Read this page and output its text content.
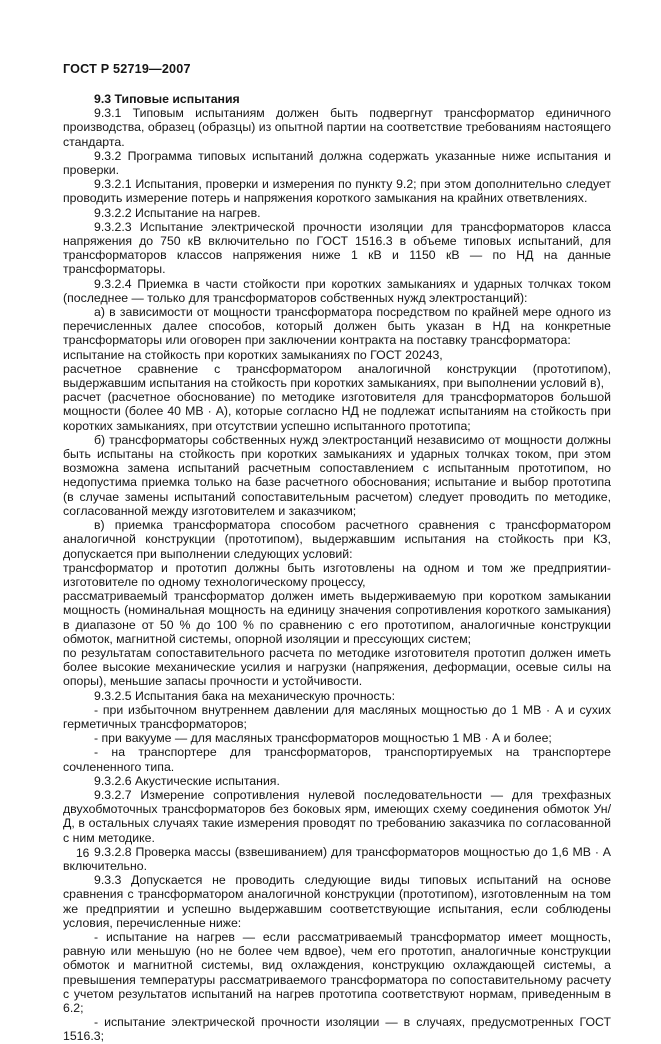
ГОСТ Р 52719—2007

9.3 Типовые испытания

9.3.1 Типовым испытаниям должен быть подвергнут трансформатор единичного производства, образец (образцы) из опытной партии на соответствие требованиям настоящего стандарта.

9.3.2 Программа типовых испытаний должна содержать указанные ниже испытания и проверки.

9.3.2.1 Испытания, проверки и измерения по пункту 9.2; при этом дополнительно следует проводить измерение потерь и напряжения короткого замыкания на крайних ответвлениях.

9.3.2.2 Испытание на нагрев.

9.3.2.3 Испытание электрической прочности изоляции для трансформаторов класса напряжения до 750 кВ включительно по ГОСТ 1516.3 в объеме типовых испытаний, для трансформаторов классов напряжения ниже 1 кВ и 1150 кВ — по НД на данные трансформаторы.

9.3.2.4 Приемка в части стойкости при коротких замыканиях и ударных толчках током (последнее — только для трансформаторов собственных нужд электростанций):

а) в зависимости от мощности трансформатора посредством по крайней мере одного из перечисленных далее способов, который должен быть указан в НД на конкретные трансформаторы или оговорен при заключении контракта на поставку трансформатора:

испытание на стойкость при коротких замыканиях по ГОСТ 20243,

расчетное сравнение с трансформатором аналогичной конструкции (прототипом), выдержавшим испытания на стойкость при коротких замыканиях, при выполнении условий в),

расчет (расчетное обоснование) по методике изготовителя для трансформаторов большой мощности (более 40 МВ · А), которые согласно НД не подлежат испытаниям на стойкость при коротких замыканиях, при отсутствии успешно испытанного прототипа;

б) трансформаторы собственных нужд электростанций независимо от мощности должны быть испытаны на стойкость при коротких замыканиях и ударных толчках током, при этом возможна замена испытаний расчетным сопоставлением с испытанным прототипом, но недопустима приемка только на базе расчетного обоснования; испытание и выбор прототипа (в случае замены испытаний сопоставительным расчетом) следует проводить по методике, согласованной между изготовителем и заказчиком;

в) приемка трансформатора способом расчетного сравнения с трансформатором аналогичной конструкции (прототипом), выдержавшим испытания на стойкость при КЗ, допускается при выполнении следующих условий:

трансформатор и прототип должны быть изготовлены на одном и том же предприятии-изготовителе по одному технологическому процессу,

рассматриваемый трансформатор должен иметь выдерживаемую при коротком замыкании мощность (номинальная мощность на единицу значения сопротивления короткого замыкания) в диапазоне от 50 % до 100 % по сравнению с его прототипом, аналогичные конструкции обмоток, магнитной системы, опорной изоляции и прессующих систем;

по результатам сопоставительного расчета по методике изготовителя прототип должен иметь более высокие механические усилия и нагрузки (напряжения, деформации, осевые силы на опоры), меньшие запасы прочности и устойчивости.

9.3.2.5 Испытания бака на механическую прочность:

- при избыточном внутреннем давлении для масляных мощностью до 1 МВ · А и сухих герметичных трансформаторов;

- при вакууме — для масляных трансформаторов мощностью 1 МВ · А и более;

- на транспортере для трансформаторов, транспортируемых на транспортере сочлененного типа.

9.3.2.6 Акустические испытания.

9.3.2.7 Измерение сопротивления нулевой последовательности — для трехфазных двухобмоточных трансформаторов без боковых ярм, имеющих схему соединения обмоток Ун/Д, в остальных случаях такие измерения проводят по требованию заказчика по согласованной с ним методике.

9.3.2.8 Проверка массы (взвешиванием) для трансформаторов мощностью до 1,6 МВ · А включительно.

9.3.3 Допускается не проводить следующие виды типовых испытаний на основе сравнения с трансформатором аналогичной конструкции (прототипом), изготовленным на том же предприятии и успешно выдержавшим соответствующие испытания, если соблюдены условия, перечисленные ниже:

- испытание на нагрев — если рассматриваемый трансформатор имеет мощность, равную или меньшую (но не более чем вдвое), чем его прототип, аналогичные конструкции обмоток и магнитной системы, вид охлаждения, конструкцию охлаждающей системы, а превышения температуры рассматриваемого трансформатора по сопоставительному расчету с учетом результатов испытаний на нагрев прототипа соответствуют нормам, приведенным в 6.2;

- испытание электрической прочности изоляции — в случаях, предусмотренных ГОСТ 1516.3;

16
